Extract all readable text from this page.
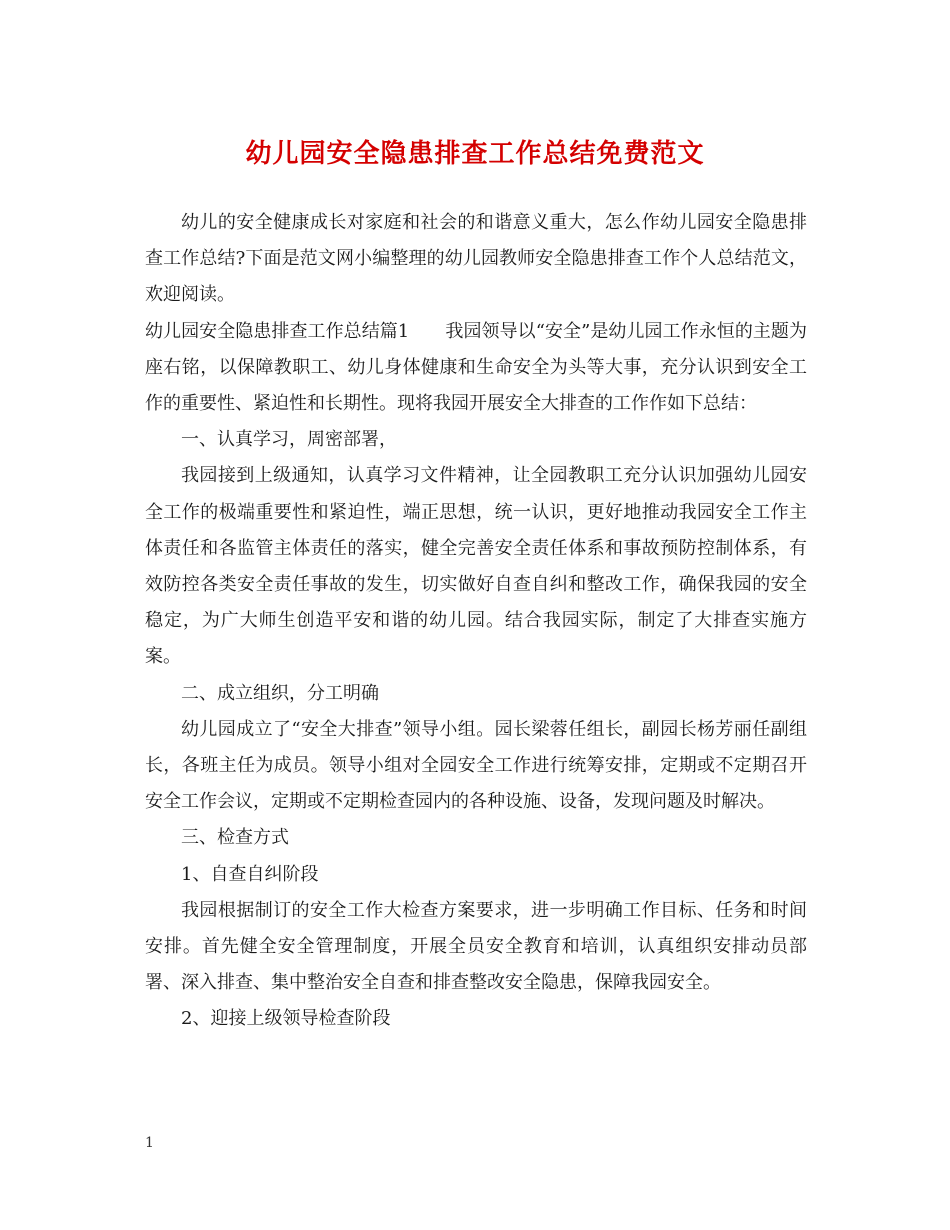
幼儿园安全隐患排查工作总结免费范文

幼儿的安全健康成长对家庭和社会的和谐意义重大，怎么作幼儿园安全隐患排查工作总结?下面是范文网小编整理的幼儿园教师安全隐患排查工作个人总结范文，欢迎阅读。

幼儿园安全隐患排查工作总结篇1　　我园领导以“安全”是幼儿园工作永恒的主题为座右铭，以保障教职工、幼儿身体健康和生命安全为头等大事，充分认识到安全工作的重要性、紧迫性和长期性。现将我园开展安全大排查的工作作如下总结：

一、认真学习，周密部署，

我园接到上级通知，认真学习文件精神，让全园教职工充分认识加强幼儿园安全工作的极端重要性和紧迫性，端正思想，统一认识，更好地推动我园安全工作主体责任和各监管主体责任的落实，健全完善安全责任体系和事故预防控制体系，有效防控各类安全责任事故的发生，切实做好自查自纠和整改工作，确保我园的安全稳定，为广大师生创造平安和谐的幼儿园。结合我园实际，制定了大排查实施方案。

二、成立组织，分工明确

幼儿园成立了“安全大排查”领导小组。园长梁蓉任组长，副园长杨芳丽任副组长，各班主任为成员。领导小组对全园安全工作进行统筹安排，定期或不定期召开安全工作会议，定期或不定期检查园内的各种设施、设备，发现问题及时解决。

三、检查方式

1、自查自纠阶段

我园根据制订的安全工作大检查方案要求，进一步明确工作目标、任务和时间安排。首先健全安全管理制度，开展全员安全教育和培训，认真组织安排动员部署、深入排查、集中整治安全自查和排查整改安全隐患，保障我园安全。

2、迎接上级领导检查阶段

1
